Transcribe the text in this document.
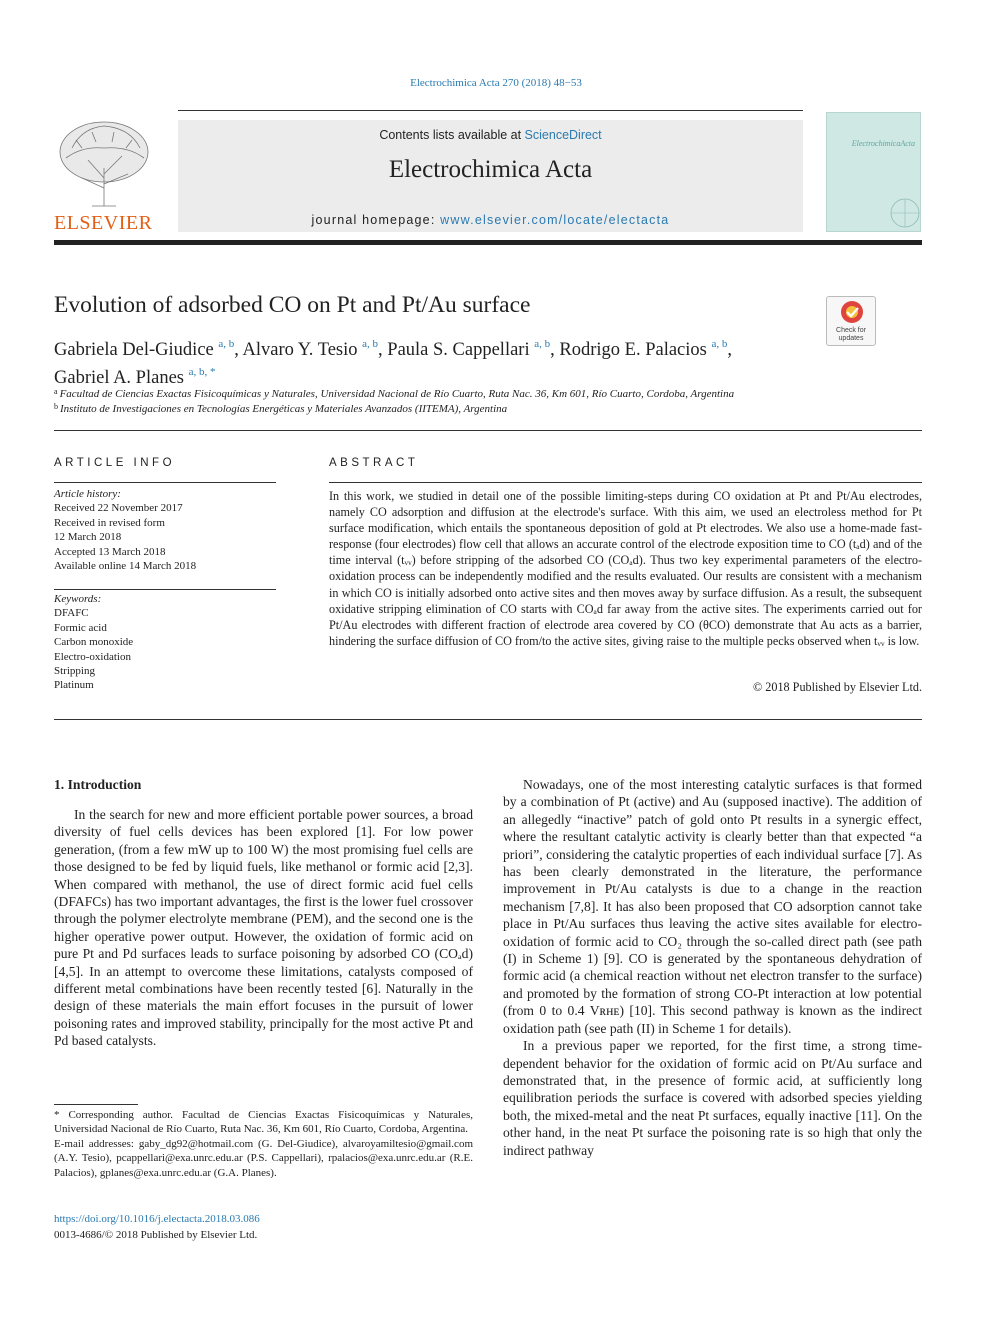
Electrochimica Acta 270 (2018) 48−53
ELSEVIER
Contents lists available at ScienceDirect
Electrochimica Acta
journal homepage: www.elsevier.com/locate/electacta
ElectrochimicaActa
Evolution of adsorbed CO on Pt and Pt/Au surface
Check for updates
Gabriela Del-Giudice $^{a, b}$, Alvaro Y. Tesio $^{a, b}$, Paula S. Cappellari $^{a, b}$, Rodrigo E. Palacios $^{a, b}$,
Gabriel A. Planes $^{a, b, *}$
$^a$ Facultad de Ciencias Exactas Fisicoquímicas y Naturales, Universidad Nacional de Río Cuarto, Ruta Nac. 36, Km 601, Río Cuarto, Cordoba, Argentina
$^b$ Instituto de Investigaciones en Tecnologías Energéticas y Materiales Avanzados (IITEMA), Argentina
ARTICLE INFO
Article history:
Received 22 November 2017
Received in revised form
12 March 2018
Accepted 13 March 2018
Available online 14 March 2018
Keywords:
DFAFC
Formic acid
Carbon monoxide
Electro-oxidation
Stripping
Platinum
ABSTRACT
In this work, we studied in detail one of the possible limiting-steps during CO oxidation at Pt and Pt/Au electrodes, namely CO adsorption and diffusion at the electrode's surface. With this aim, we used an electroless method for Pt surface modification, which entails the spontaneous deposition of gold at Pt electrodes. We also use a home-made fast-response (four electrodes) flow cell that allows an accurate control of the electrode exposition time to CO (tₐd) and of the time interval (tᵥᵥ) before stripping of the adsorbed CO (COₐd). Thus two key experimental parameters of the electro-oxidation process can be independently modified and the results evaluated. Our results are consistent with a mechanism in which CO is initially adsorbed onto active sites and then moves away by surface diffusion. As a result, the subsequent oxidative stripping elimination of CO starts with COₐd far away from the active sites. The experiments carried out for Pt/Au electrodes with different fraction of electrode area covered by CO (θCO) demonstrate that Au acts as a barrier, hindering the surface diffusion of CO from/to the active sites, giving raise to the multiple pecks observed when tᵥᵥ is low.
© 2018 Published by Elsevier Ltd.
1. Introduction

In the search for new and more efficient portable power sources, a broad diversity of fuel cells devices has been explored [1]. For low power generation, (from a few mW up to 100 W) the most promising fuel cells are those designed to be fed by liquid fuels, like methanol or formic acid [2,3]. When compared with methanol, the use of direct formic acid fuel cells (DFAFCs) has two important advantages, the first is the lower fuel crossover through the polymer electrolyte membrane (PEM), and the second one is the higher operative power output. However, the oxidation of formic acid on pure Pt and Pd surfaces leads to surface poisoning by adsorbed CO (COₐd) [4,5]. In an attempt to overcome these limitations, catalysts composed of different metal combinations have been recently tested [6]. Naturally in the design of these materials the main effort focuses in the pursuit of lower poisoning rates and improved stability, principally for the most active Pt and Pd based catalysts.

Nowadays, one of the most interesting catalytic surfaces is that formed by a combination of Pt (active) and Au (supposed inactive). The addition of an allegedly “inactive” patch of gold onto Pt results in a synergic effect, where the resultant catalytic activity is clearly better than that expected “a priori”, considering the catalytic properties of each individual surface [7]. As has been clearly demonstrated in the literature, the performance improvement in Pt/Au catalysts is due to a change in the reaction mechanism [7,8]. It has also been proposed that CO adsorption cannot take place in Pt/Au surfaces thus leaving the active sites available for electro-oxidation of formic acid to CO₂ through the so-called direct path (see path (I) in Scheme 1) [9]. CO is generated by the spontaneous dehydration of formic acid (a chemical reaction without net electron transfer to the surface) and promoted by the formation of strong CO-Pt interaction at low potential (from 0 to 0.4 Vʀʜᴇ) [10]. This second pathway is known as the indirect oxidation path (see path (II) in Scheme 1 for details).

In a previous paper we reported, for the first time, a strong time-dependent behavior for the oxidation of formic acid on Pt/Au surface and demonstrated that, in the presence of formic acid, at sufficiently long equilibration periods the surface is covered with adsorbed species yielding both, the mixed-metal and the neat Pt surfaces, equally inactive [11]. On the other hand, in the neat Pt surface the poisoning rate is so high that only the indirect pathway

* Corresponding author. Facultad de Ciencias Exactas Fisicoquímicas y Naturales, Universidad Nacional de Río Cuarto, Ruta Nac. 36, Km 601, Río Cuarto, Cordoba, Argentina.
E-mail addresses: gaby_dg92@hotmail.com (G. Del-Giudice), alvaroyamiltesio@gmail.com (A.Y. Tesio), pcappellari@exa.unrc.edu.ar (P.S. Cappellari), rpalacios@exa.unrc.edu.ar (R.E. Palacios), gplanes@exa.unrc.edu.ar (G.A. Planes).
https://doi.org/10.1016/j.electacta.2018.03.086
0013-4686/© 2018 Published by Elsevier Ltd.
